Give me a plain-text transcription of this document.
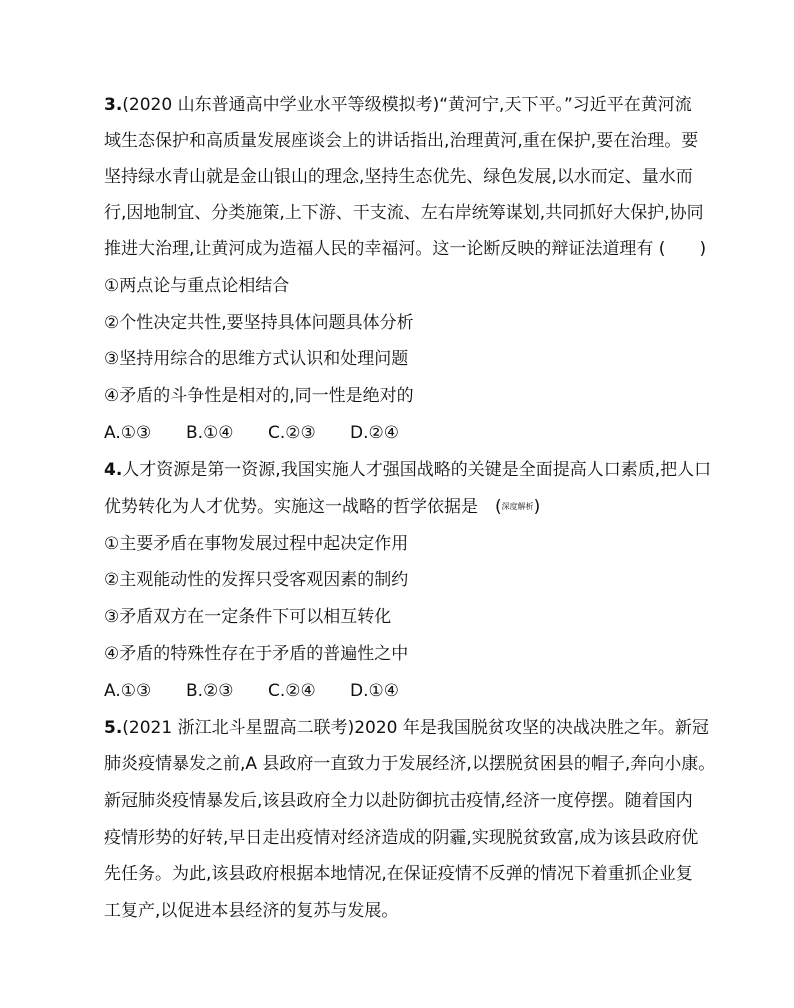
3.(2020 山东普通高中学业水平等级模拟考)“黄河宁,天下平。”习近平在黄河流
域生态保护和高质量发展座谈会上的讲话指出,治理黄河,重在保护,要在治理。要
坚持绿水青山就是金山银山的理念,坚持生态优先、绿色发展,以水而定、量水而
行,因地制宜、分类施策,上下游、干支流、左右岸统筹谋划,共同抓好大保护,协同
推进大治理,让黄河成为造福人民的幸福河。这一论断反映的辩证法道理有 (　　)
①两点论与重点论相结合
②个性决定共性,要坚持具体问题具体分析
③坚持用综合的思维方式认识和处理问题
④矛盾的斗争性是相对的,同一性是绝对的
A.①③ B.①④ C.②③ D.②④
4.人才资源是第一资源,我国实施人才强国战略的关键是全面提高人口素质,把人口
优势转化为人才优势。实施这一战略的哲学依据是　(深度解析)
①主要矛盾在事物发展过程中起决定作用
②主观能动性的发挥只受客观因素的制约
③矛盾双方在一定条件下可以相互转化
④矛盾的特殊性存在于矛盾的普遍性之中
A.①③ B.②③ C.②④ D.①④
5.(2021 浙江北斗星盟高二联考)2020 年是我国脱贫攻坚的决战决胜之年。新冠
肺炎疫情暴发之前,A 县政府一直致力于发展经济,以摆脱贫困县的帽子,奔向小康。
新冠肺炎疫情暴发后,该县政府全力以赴防御抗击疫情,经济一度停摆。随着国内
疫情形势的好转,早日走出疫情对经济造成的阴霾,实现脱贫致富,成为该县政府优
先任务。为此,该县政府根据本地情况,在保证疫情不反弹的情况下着重抓企业复
工复产,以促进本县经济的复苏与发展。
